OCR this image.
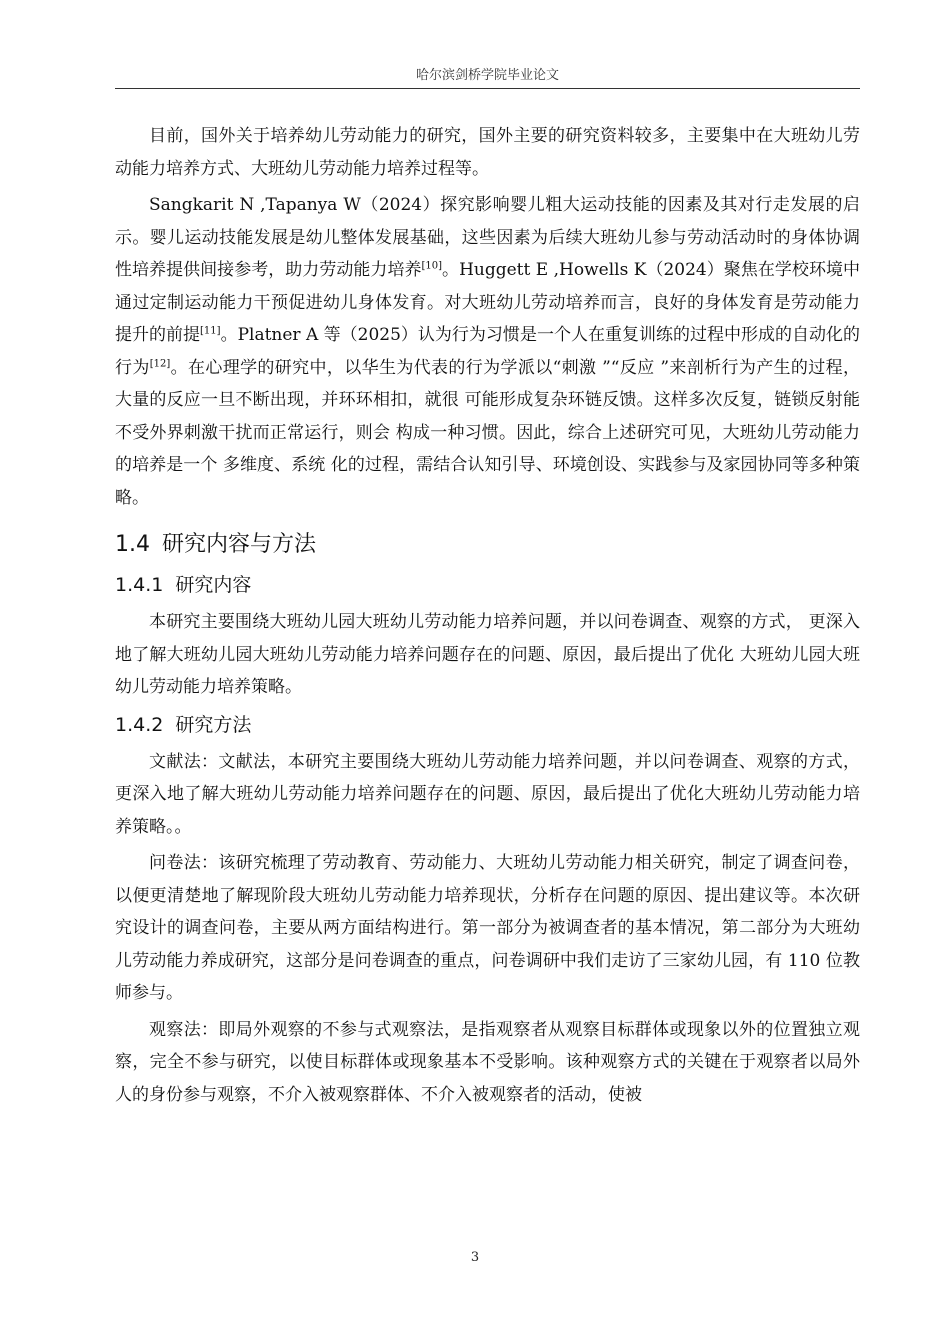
哈尔滨剑桥学院毕业论文

目前，国外关于培养幼儿劳动能力的研究，国外主要的研究资料较多，主要集中在大班幼儿劳动能力培养方式、大班幼儿劳动能力培养过程等。

Sangkarit N ,Tapanya W（2024）探究影响婴儿粗大运动技能的因素及其对行走发展的启示。婴儿运动技能发展是幼儿整体发展基础，这些因素为后续大班幼儿参与劳动活动时的身体协调性培养提供间接参考，助力劳动能力培养[10]。Huggett E ,Howells K（2024）聚焦在学校环境中通过定制运动能力干预促进幼儿身体发育。对大班幼儿劳动培养而言，良好的身体发育是劳动能力提升的前提[11]。Platner A 等（2025）认为行为习惯是一个人在重复训练的过程中形成的自动化的行为[12]。在心理学的研究中，以华生为代表的行为学派以“刺激 ”“反应 ”来剖析行为产生的过程，大量的反应一旦不断出现，并环环相扣，就很 可能形成复杂环链反馈。这样多次反复，链锁反射能不受外界刺激干扰而正常运行，则会 构成一种习惯。因此，综合上述研究可见，大班幼儿劳动能力的培养是一个 多维度、系统 化的过程，需结合认知引导、环境创设、实践参与及家园协同等多种策略。

1.4 研究内容与方法
1.4.1 研究内容

本研究主要围绕大班幼儿园大班幼儿劳动能力培养问题，并以问卷调查、观察的方式， 更深入地了解大班幼儿园大班幼儿劳动能力培养问题存在的问题、原因，最后提出了优化 大班幼儿园大班幼儿劳动能力培养策略。

1.4.2 研究方法

文献法：文献法，本研究主要围绕大班幼儿劳动能力培养问题，并以问卷调查、观察的方式，更深入地了解大班幼儿劳动能力培养问题存在的问题、原因，最后提出了优化大班幼儿劳动能力培养策略。。

问卷法：该研究梳理了劳动教育、劳动能力、大班幼儿劳动能力相关研究，制定了调查问卷，以便更清楚地了解现阶段大班幼儿劳动能力培养现状，分析存在问题的原因、提出建议等。本次研究设计的调查问卷，主要从两方面结构进行。第一部分为被调查者的基本情况，第二部分为大班幼儿劳动能力养成研究，这部分是问卷调查的重点，问卷调研中我们走访了三家幼儿园，有 110 位教师参与。

观察法：即局外观察的不参与式观察法，是指观察者从观察目标群体或现象以外的位置独立观察，完全不参与研究，以使目标群体或现象基本不受影响。该种观察方式的关键在于观察者以局外人的身份参与观察，不介入被观察群体、不介入被观察者的活动，使被

3
